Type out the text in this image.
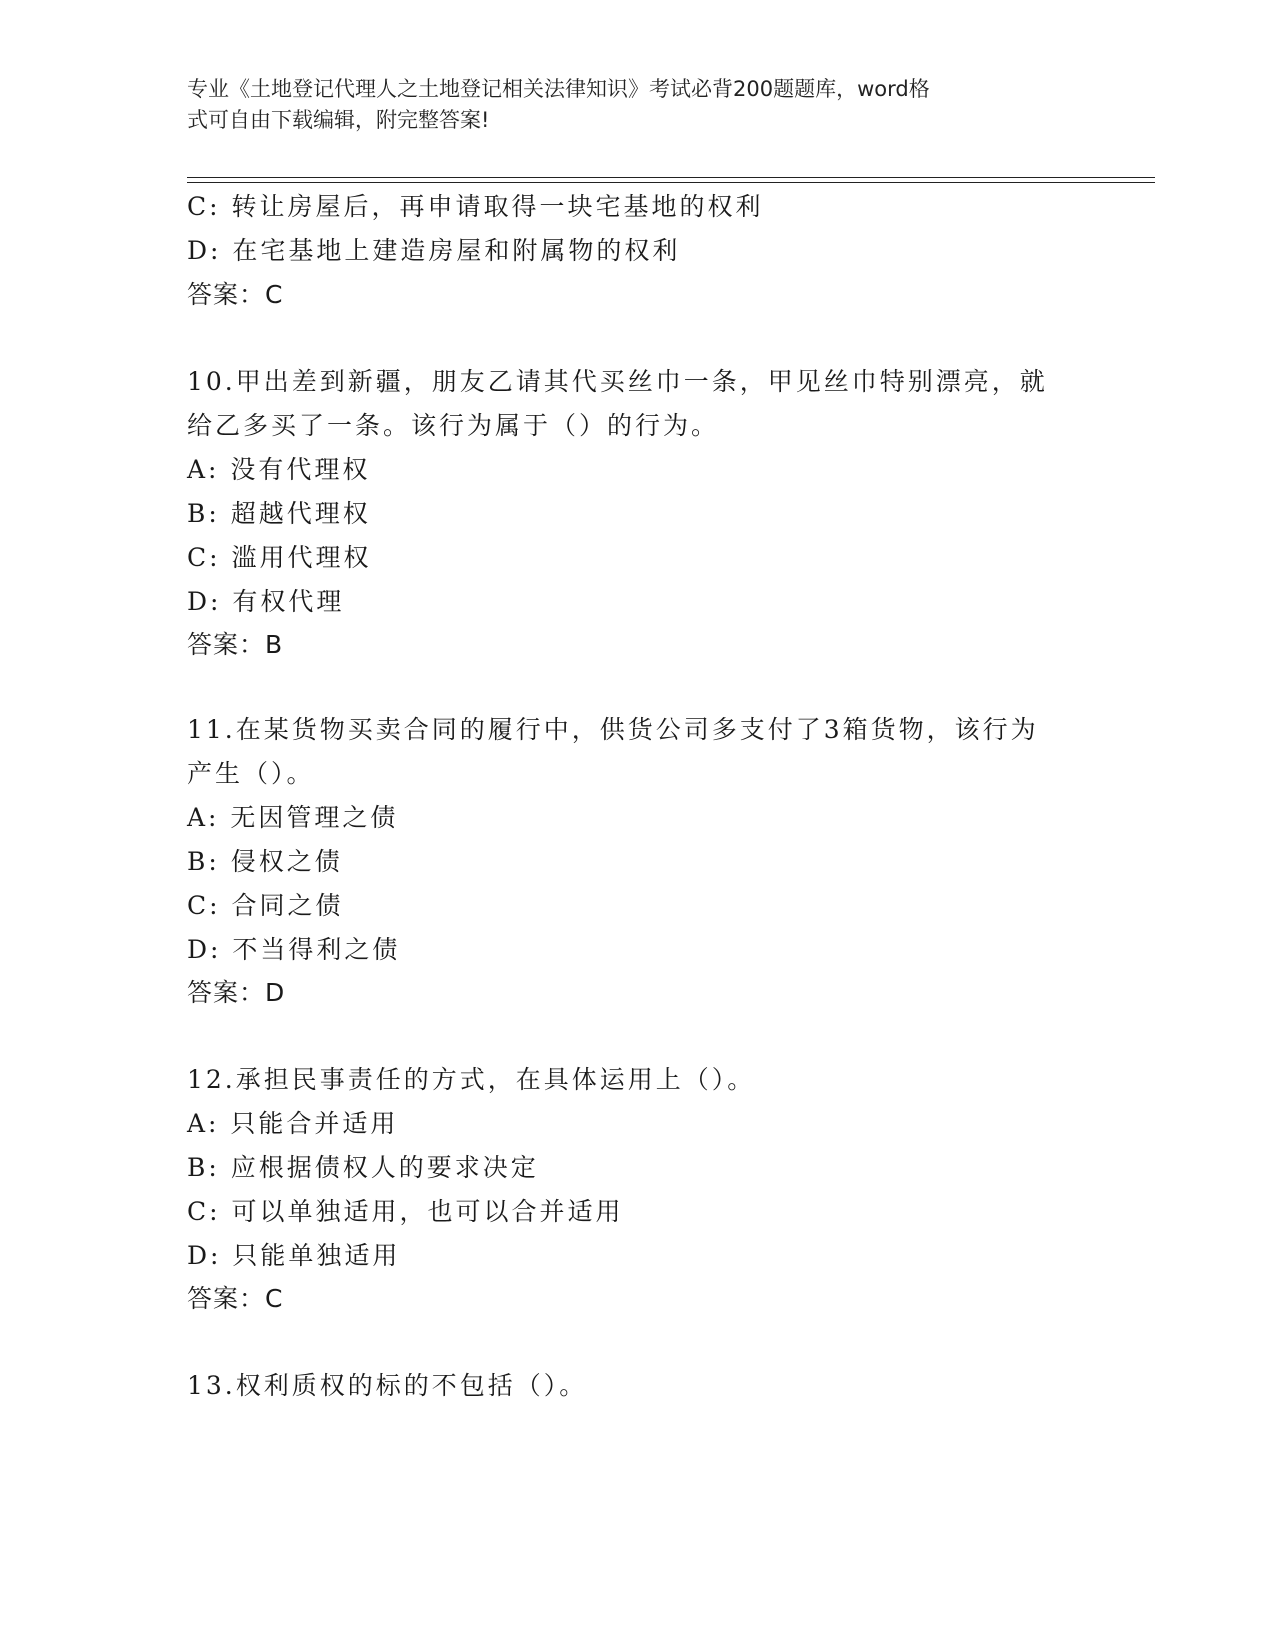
专业《土地登记代理人之土地登记相关法律知识》考试必背200题题库，word格
式可自由下载编辑，附完整答案!
C: 转让房屋后，再申请取得一块宅基地的权利
D: 在宅基地上建造房屋和附属物的权利
答案：C
10.甲出差到新疆，朋友乙请其代买丝巾一条，甲见丝巾特别漂亮，就
给乙多买了一条。该行为属于（）的行为。
A: 没有代理权
B: 超越代理权
C: 滥用代理权
D: 有权代理
答案：B
11.在某货物买卖合同的履行中，供货公司多支付了3箱货物，该行为
产生（）。
A: 无因管理之债
B: 侵权之债
C: 合同之债
D: 不当得利之债
答案：D
12.承担民事责任的方式，在具体运用上（）。
A: 只能合并适用
B: 应根据债权人的要求决定
C: 可以单独适用，也可以合并适用
D: 只能单独适用
答案：C
13.权利质权的标的不包括（）。
